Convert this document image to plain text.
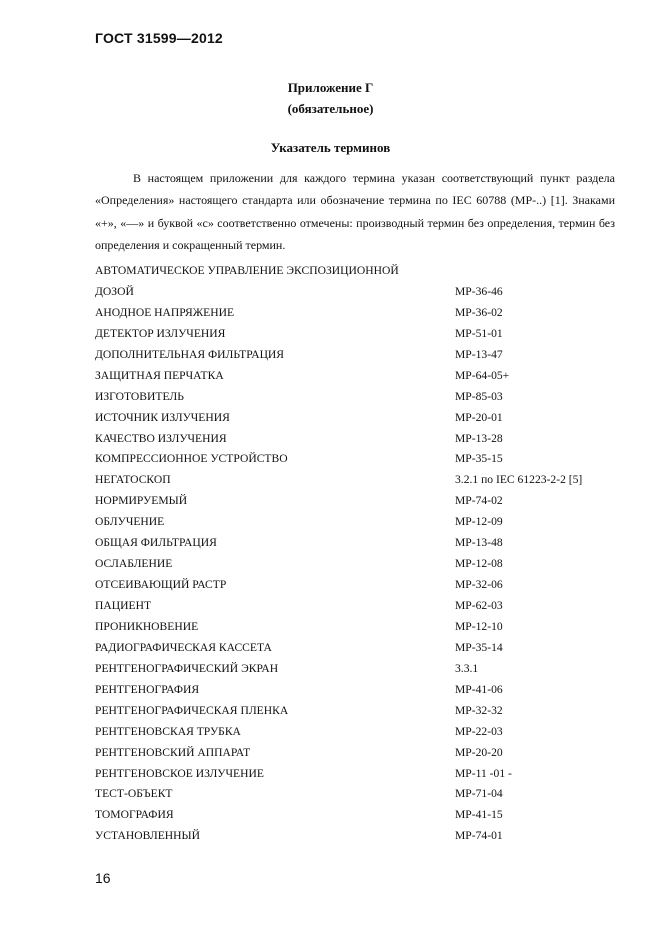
ГОСТ 31599—2012
Приложение Г
(обязательное)
Указатель терминов

В настоящем приложении для каждого термина указан соответствующий пункт раздела «Определения» настоящего стандарта или обозначение термина по IEC 60788 (MP-..) [1]. Знаками «+», «—» и буквой «с» соответственно отмечены: производный термин без определения, термин без определения и сокращенный термин.

АВТОМАТИЧЕСКОЕ УПРАВЛЕНИЕ ЭКСПОЗИЦИОННОЙ
ДОЗОЙ	MP-36-46
АНОДНОЕ НАПРЯЖЕНИЕ	MP-36-02
ДЕТЕКТОР ИЗЛУЧЕНИЯ	MP-51-01
ДОПОЛНИТЕЛЬНАЯ ФИЛЬТРАЦИЯ	MP-13-47
ЗАЩИТНАЯ ПЕРЧАТКА	MP-64-05+
ИЗГОТОВИТЕЛЬ	MP-85-03
ИСТОЧНИК ИЗЛУЧЕНИЯ	MP-20-01
КАЧЕСТВО ИЗЛУЧЕНИЯ	MP-13-28
КОМПРЕССИОННОЕ УСТРОЙСТВО	MP-35-15
НЕГАТОСКОП	3.2.1 по IEC 61223-2-2 [5]
НОРМИРУЕМЫЙ	MP-74-02
ОБЛУЧЕНИЕ	MP-12-09
ОБЩАЯ ФИЛЬТРАЦИЯ	MP-13-48
ОСЛАБЛЕНИЕ	MP-12-08
ОТСЕИВАЮЩИЙ РАСТР	MP-32-06
ПАЦИЕНТ	MP-62-03
ПРОНИКНОВЕНИЕ	MP-12-10
РАДИОГРАФИЧЕСКАЯ КАССЕТА	MP-35-14
РЕНТГЕНОГРАФИЧЕСКИЙ ЭКРАН	3.3.1
РЕНТГЕНОГРАФИЯ	MP-41-06
РЕНТГЕНОГРАФИЧЕСКАЯ ПЛЕНКА	MP-32-32
РЕНТГЕНОВСКАЯ ТРУБКА	MP-22-03
РЕНТГЕНОВСКИЙ АППАРАТ	MP-20-20
РЕНТГЕНОВСКОЕ ИЗЛУЧЕНИЕ	MP-11 -01 -
ТЕСТ-ОБЪЕКТ	MP-71-04
ТОМОГРАФИЯ	MP-41-15
УСТАНОВЛЕННЫЙ	MP-74-01
16
